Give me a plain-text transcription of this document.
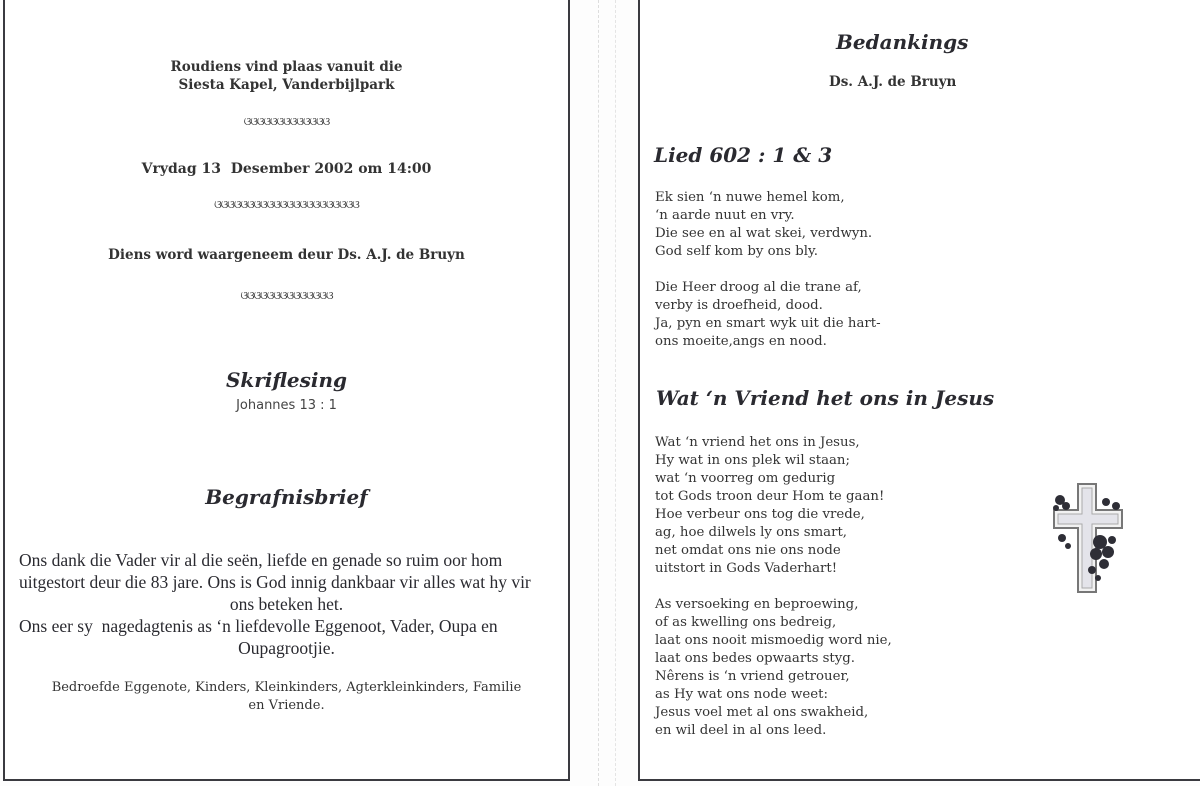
Roudiens vind plaas vanuit die
Siesta Kapel, Vanderbijlpark
ଓଓଓଓଓଓଓଓଓଓଓଓଓ
Vrydag 13  Desember 2002 om 14:00
ଓଓଓଓଓଓଓଓଓଓଓଓଓଓଓଓଓଓଓଓଓଓ
Diens word waargeneem deur Ds. A.J. de Bruyn
ଓଓଓଓଓଓଓଓଓଓଓଓଓଓ
Skriflesing
Johannes 13 : 1
Begrafnisbrief
Ons dank die Vader vir al die seën, liefde en genade so ruim oor hom
uitgestort deur die 83 jare. Ons is God innig dankbaar vir alles wat hy vir
ons beteken het.
Ons eer sy  nagedagtenis as ‘n liefdevolle Eggenoot, Vader, Oupa en
Oupagrootjie.
Bedroefde Eggenote, Kinders, Kleinkinders, Agterkleinkinders, Familie
en Vriende.
Bedankings
Ds. A.J. de Bruyn
Lied 602 : 1 & 3
Ek sien ‘n nuwe hemel kom,
‘n aarde nuut en vry.
Die see en al wat skei, verdwyn.
God self kom by ons bly.
Die Heer droog al die trane af,
verby is droefheid, dood.
Ja, pyn en smart wyk uit die hart-
ons moeite,angs en nood.
Wat ‘n Vriend het ons in Jesus
Wat ‘n vriend het ons in Jesus,
Hy wat in ons plek wil staan;
wat ‘n voorreg om gedurig
tot Gods troon deur Hom te gaan!
Hoe verbeur ons tog die vrede,
ag, hoe dilwels ly ons smart,
net omdat ons nie ons node
uitstort in Gods Vaderhart!
As versoeking en beproewing,
of as kwelling ons bedreig,
laat ons nooit mismoedig word nie,
laat ons bedes opwaarts styg.
Nêrens is ‘n vriend getrouer,
as Hy wat ons node weet:
Jesus voel met al ons swakheid,
en wil deel in al ons leed.
